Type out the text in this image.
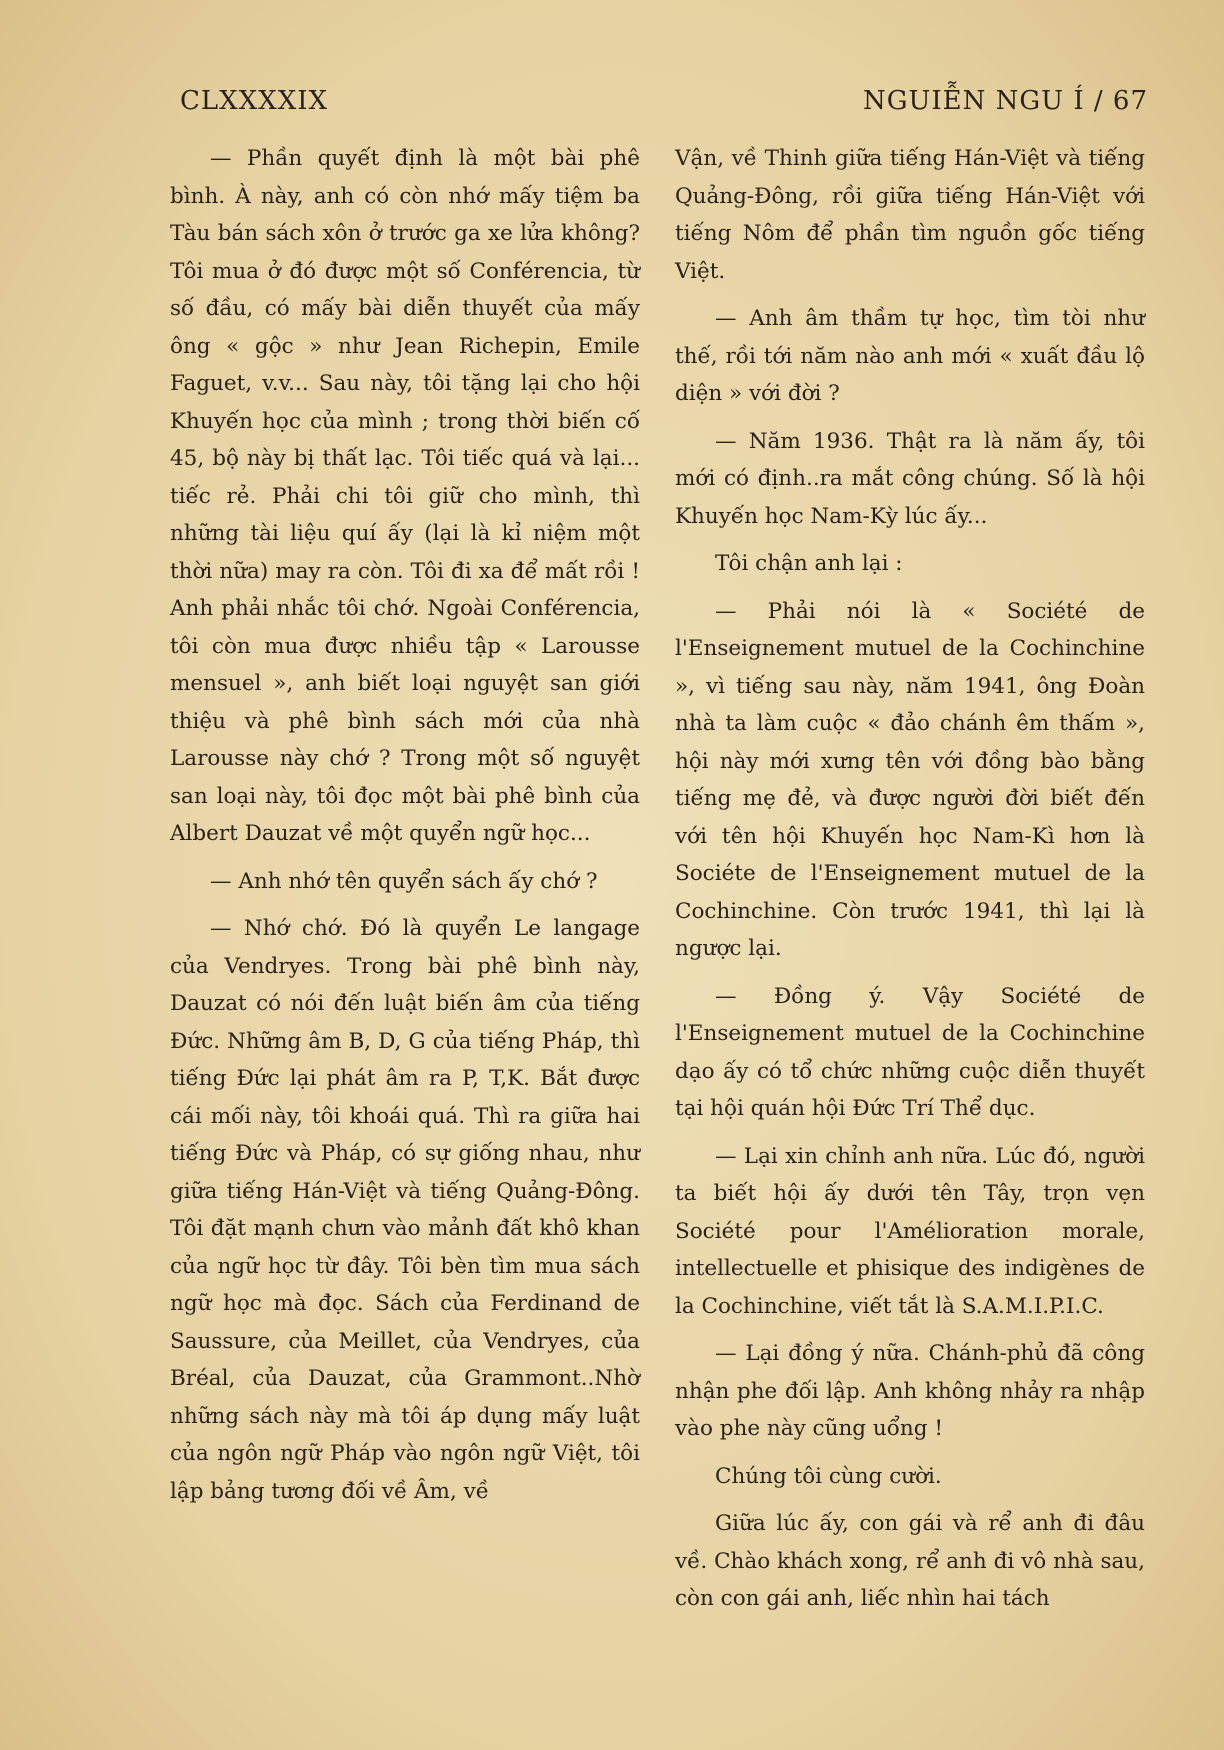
CLXXXXIX	NGUIỄN NGU Í / 67

— Phần quyết định là một bài phê bình. À này, anh có còn nhớ mấy tiệm ba Tàu bán sách xôn ở trước ga xe lửa không? Tôi mua ở đó được một số Conférencia, từ số đầu, có mấy bài diễn thuyết của mấy ông « gộc » như Jean Richepin, Emile Faguet, v.v... Sau này, tôi tặng lại cho hội Khuyến học của mình ; trong thời biến cố 45, bộ này bị thất lạc. Tôi tiếc quá và lại... tiếc rẻ. Phải chi tôi giữ cho mình, thì những tài liệu quí ấy (lại là kỉ niệm một thời nữa) may ra còn. Tôi đi xa để mất rồi ! Anh phải nhắc tôi chớ. Ngoài Conférencia, tôi còn mua được nhiều tập « Larousse mensuel », anh biết loại nguyệt san giới thiệu và phê bình sách mới của nhà Larousse này chớ ? Trong một số nguyệt san loại này, tôi đọc một bài phê bình của Albert Dauzat về một quyển ngữ học...

— Anh nhớ tên quyển sách ấy chớ ?

— Nhớ chớ. Đó là quyển Le langage của Vendryes. Trong bài phê bình này, Dauzat có nói đến luật biến âm của tiếng Đức. Những âm B, D, G của tiếng Pháp, thì tiếng Đức lại phát âm ra P, T,K. Bắt được cái mối này, tôi khoái quá. Thì ra giữa hai tiếng Đức và Pháp, có sự giống nhau, như giữa tiếng Hán-Việt và tiếng Quảng-Đông. Tôi đặt mạnh chưn vào mảnh đất khô khan của ngữ học từ đây. Tôi bèn tìm mua sách ngữ học mà đọc. Sách của Ferdinand de Saussure, của Meillet, của Vendryes, của Bréal, của Dauzat, của Grammont..Nhờ những sách này mà tôi áp dụng mấy luật của ngôn ngữ Pháp vào ngôn ngữ Việt, tôi lập bảng tương đối về Âm, về

Vận, về Thinh giữa tiếng Hán-Việt và tiếng Quảng-Đông, rồi giữa tiếng Hán-Việt với tiếng Nôm để phần tìm nguồn gốc tiếng Việt.

— Anh âm thầm tự học, tìm tòi như thế, rồi tới năm nào anh mới « xuất đầu lộ diện » với đời ?

— Năm 1936. Thật ra là năm ấy, tôi mới có định..ra mắt công chúng. Số là hội Khuyến học Nam-Kỳ lúc ấy...

Tôi chận anh lại :

— Phải nói là « Société de l'Enseignement mutuel de la Cochinchine », vì tiếng sau này, năm 1941, ông Đoàn nhà ta làm cuộc « đảo chánh êm thấm », hội này mới xưng tên với đồng bào bằng tiếng mẹ đẻ, và được người đời biết đến với tên hội Khuyến học Nam-Kì hơn là Sociéte de l'Enseignement mutuel de la Cochinchine. Còn trước 1941, thì lại là ngược lại.

— Đồng ý. Vậy Société de l'Enseignement mutuel de la Cochinchine dạo ấy có tổ chức những cuộc diễn thuyết tại hội quán hội Đức Trí Thể dục.

— Lại xin chỉnh anh nữa. Lúc đó, người ta biết hội ấy dưới tên Tây, trọn vẹn Société pour l'Amélioration morale, intellectuelle et phisique des indigènes de la Cochinchine, viết tắt là S.A.M.I.P.I.C.

— Lại đồng ý nữa. Chánh-phủ đã công nhận phe đối lập. Anh không nhảy ra nhập vào phe này cũng uổng !

Chúng tôi cùng cười.

Giữa lúc ấy, con gái và rể anh đi đâu về. Chào khách xong, rể anh đi vô nhà sau, còn con gái anh, liếc nhìn hai tách
